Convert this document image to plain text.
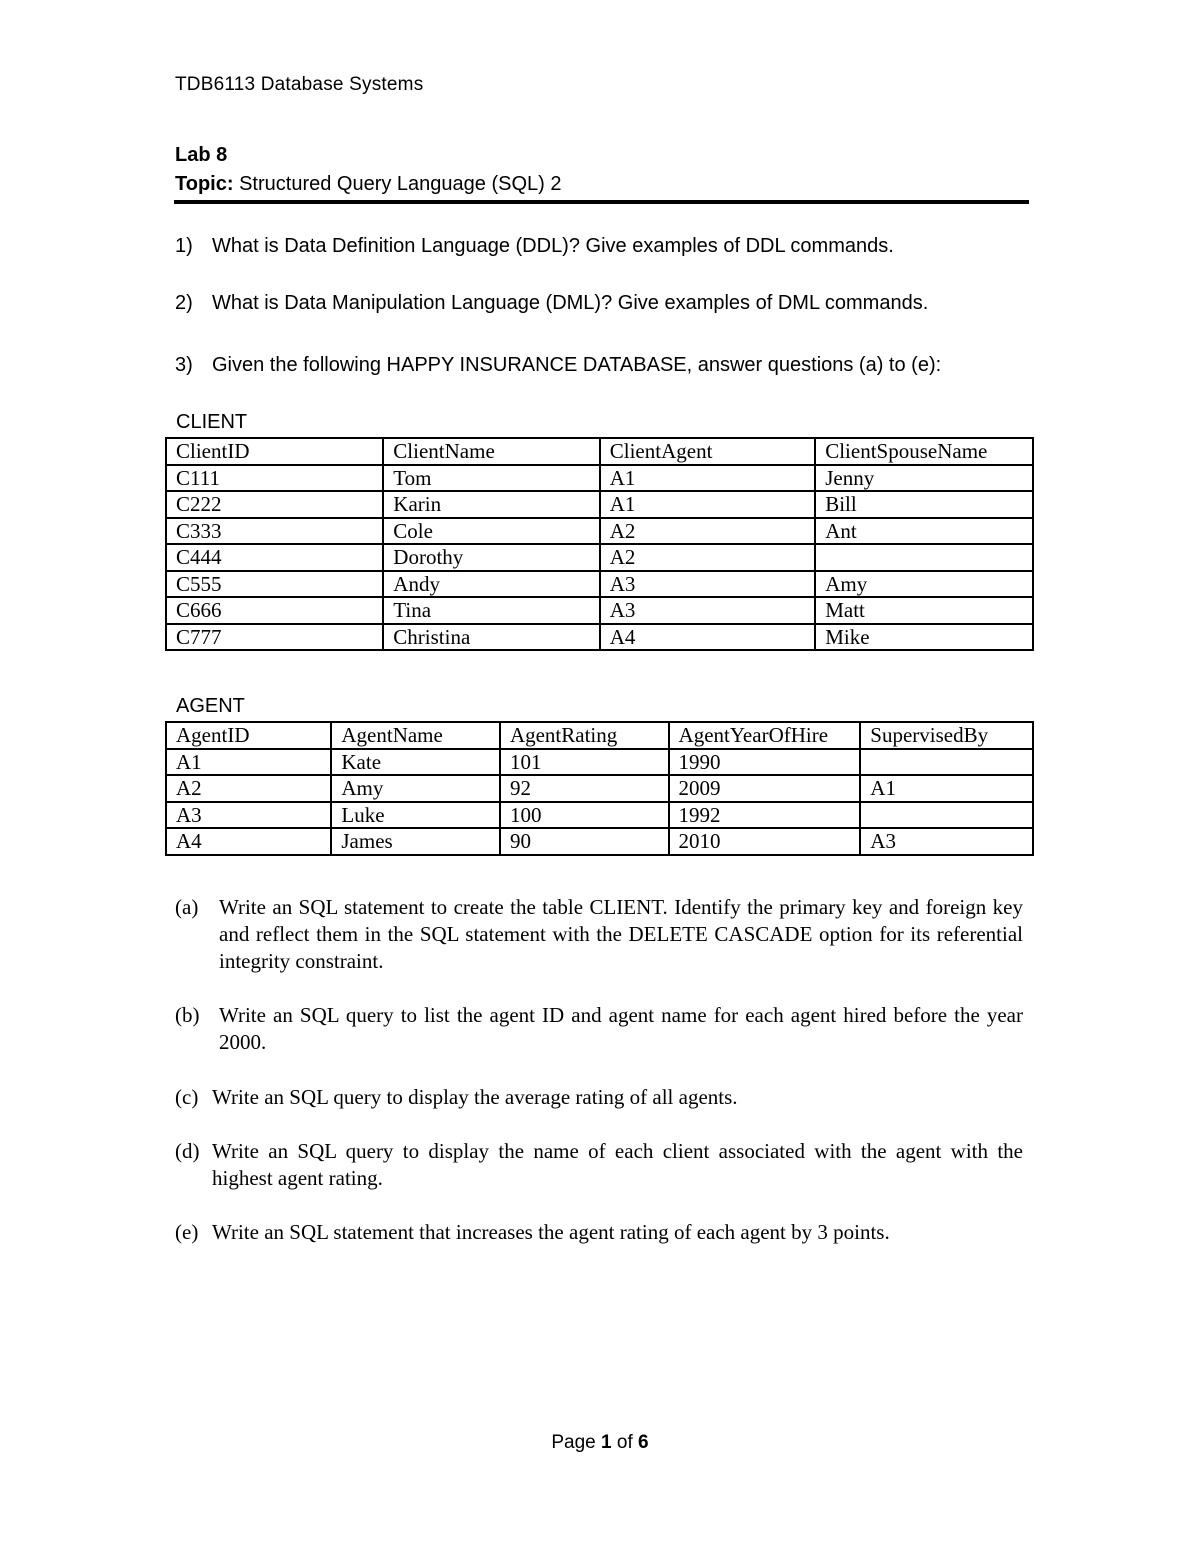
TDB6113 Database Systems
Lab 8
Topic: Structured Query Language (SQL) 2
1) What is Data Definition Language (DDL)? Give examples of DDL commands.
2) What is Data Manipulation Language (DML)? Give examples of DML commands.
3) Given the following HAPPY INSURANCE DATABASE, answer questions (a) to (e):
CLIENT
ClientID	ClientName	ClientAgent	ClientSpouseName
C111	Tom	A1	Jenny
C222	Karin	A1	Bill
C333	Cole	A2	Ant
C444	Dorothy	A2	
C555	Andy	A3	Amy
C666	Tina	A3	Matt
C777	Christina	A4	Mike
AGENT
AgentID	AgentName	AgentRating	AgentYearOfHire	SupervisedBy
A1	Kate	101	1990	
A2	Amy	92	2009	A1
A3	Luke	100	1992	
A4	James	90	2010	A3
(a) Write an SQL statement to create the table CLIENT. Identify the primary key and foreign key and reflect them in the SQL statement with the DELETE CASCADE option for its referential integrity constraint.
(b) Write an SQL query to list the agent ID and agent name for each agent hired before the year 2000.
(c) Write an SQL query to display the average rating of all agents.
(d) Write an SQL query to display the name of each client associated with the agent with the highest agent rating.
(e) Write an SQL statement that increases the agent rating of each agent by 3 points.
Page 1 of 6
